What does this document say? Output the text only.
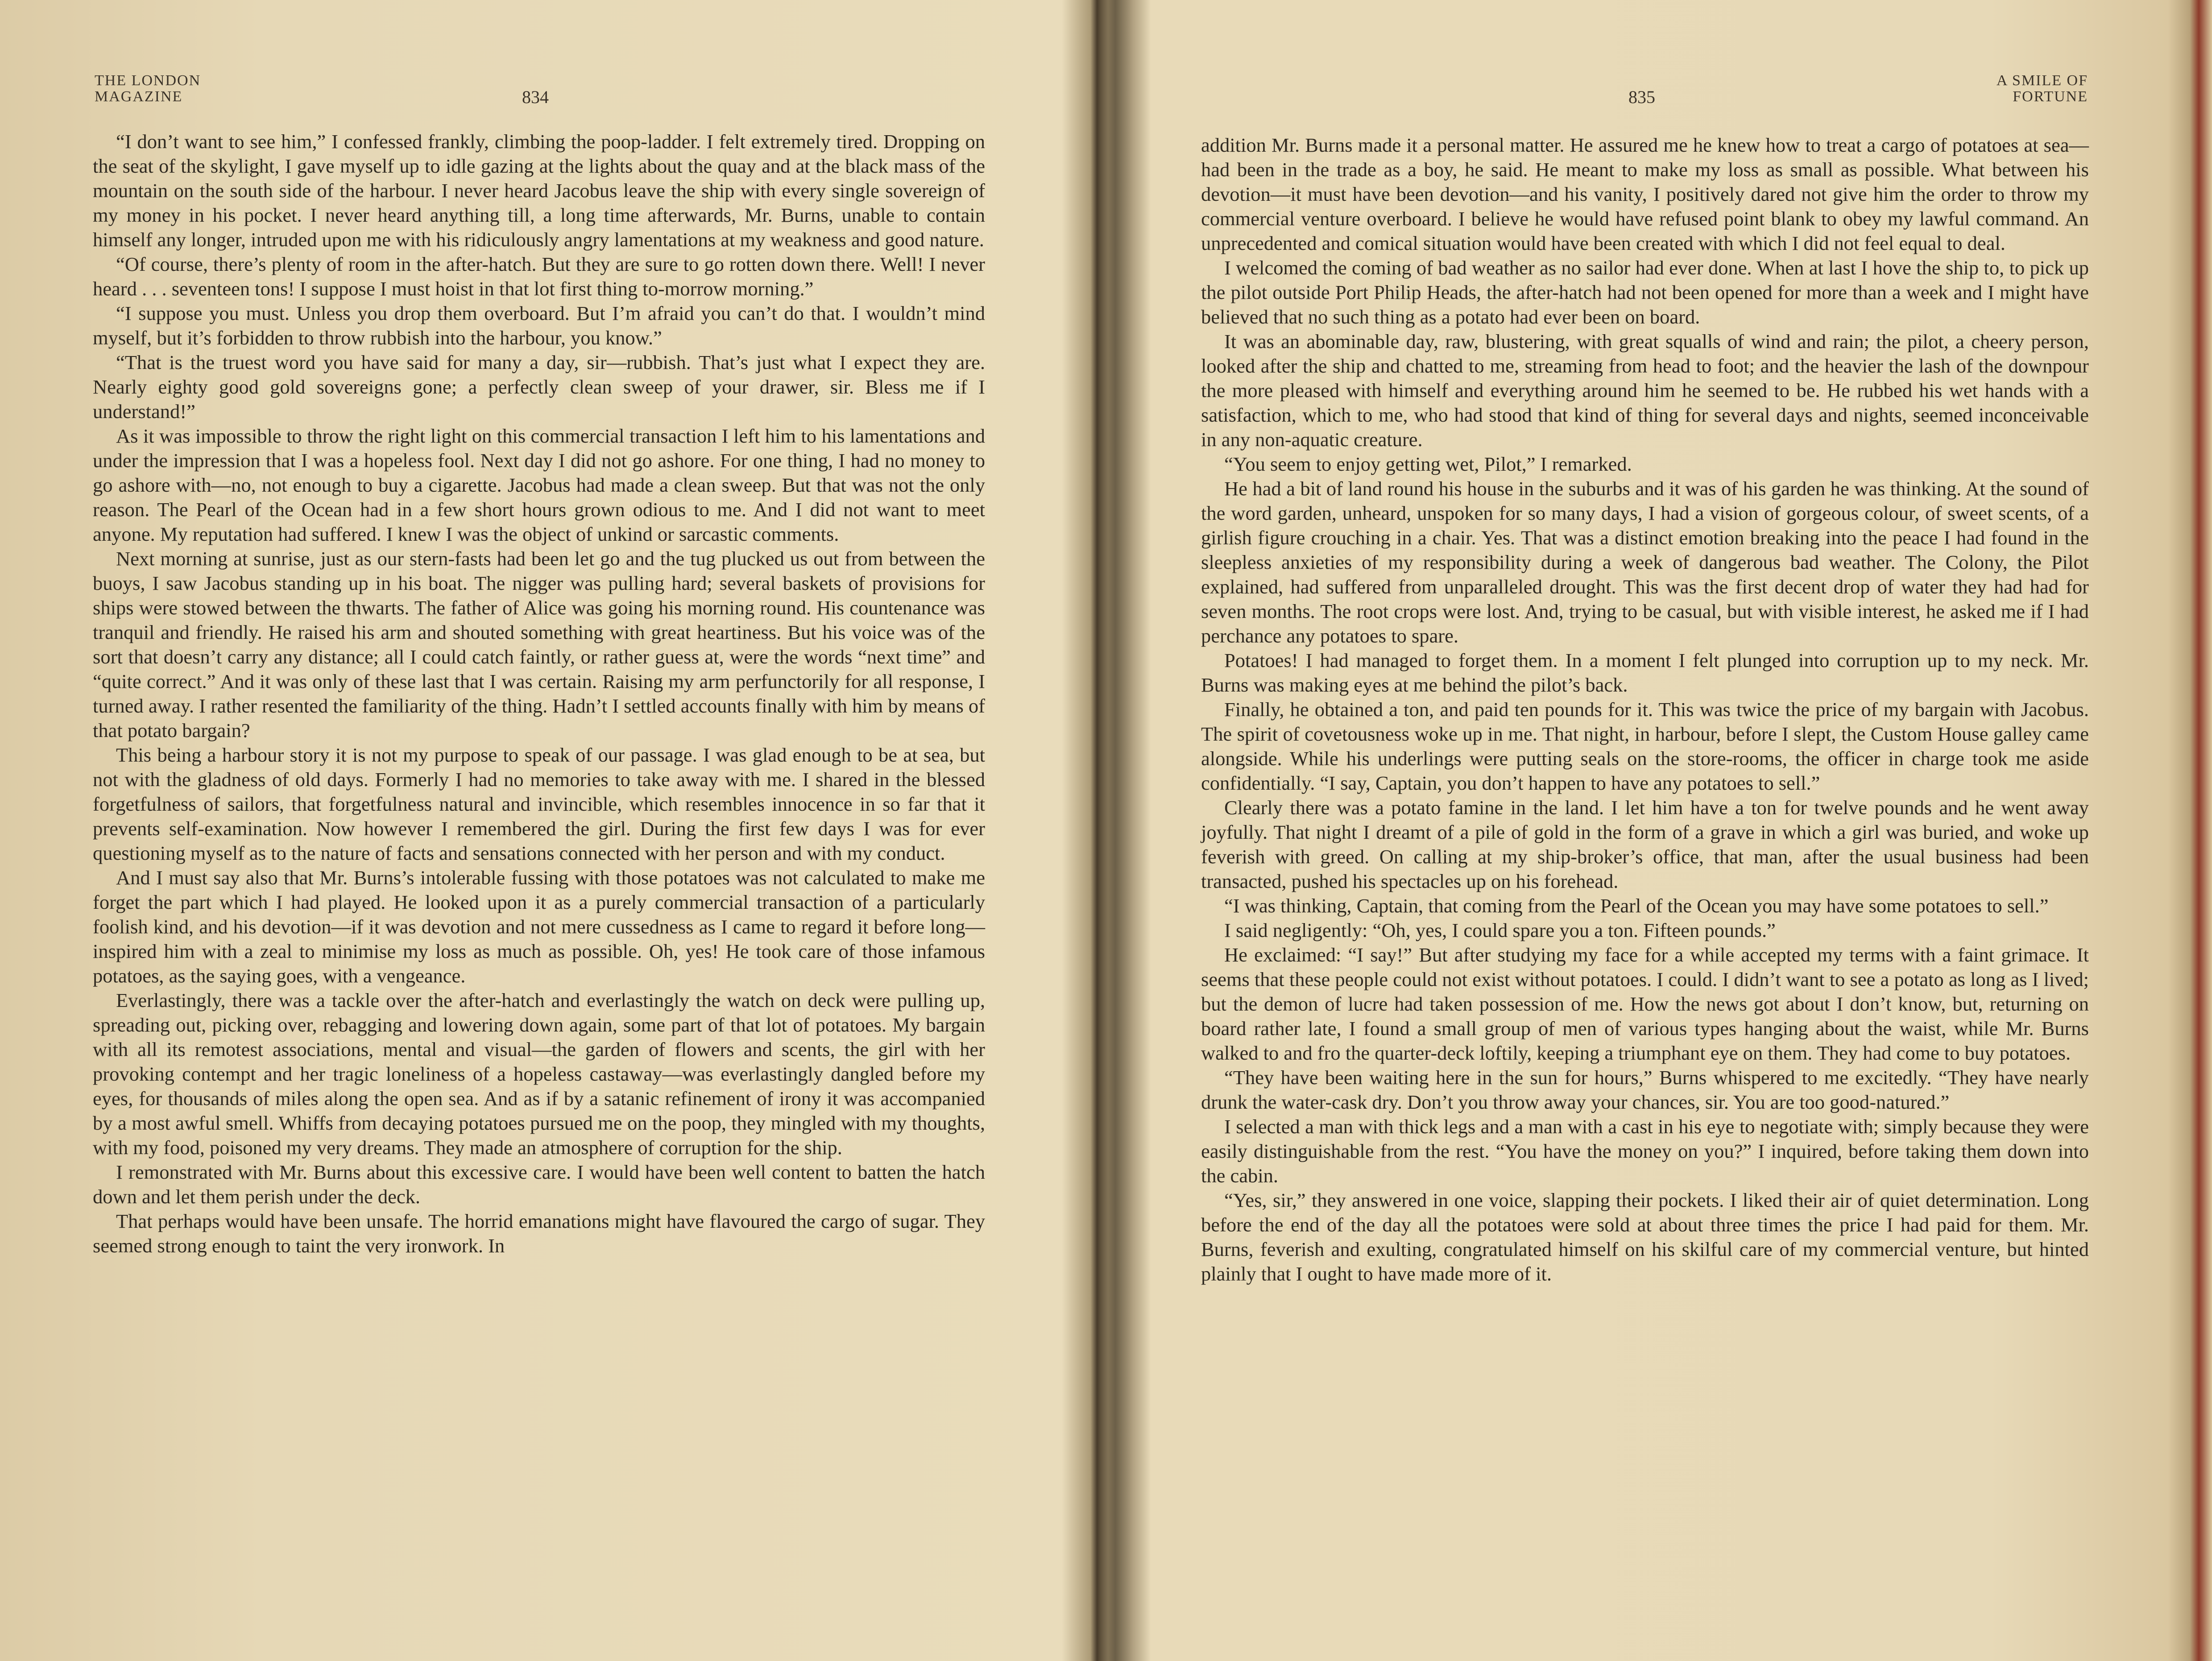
THE LONDON
MAGAZINE	834

“I don’t want to see him,” I confessed frankly, climbing the poop-ladder. I felt extremely tired. Dropping on the seat of the skylight, I gave myself up to idle gazing at the lights about the quay and at the black mass of the mountain on the south side of the harbour. I never heard Jacobus leave the ship with every single sovereign of my money in his pocket. I never heard anything till, a long time afterwards, Mr. Burns, unable to contain himself any longer, intruded upon me with his ridiculously angry lamentations at my weakness and good nature.

“Of course, there’s plenty of room in the after-hatch. But they are sure to go rotten down there. Well! I never heard . . . seventeen tons! I suppose I must hoist in that lot first thing to-morrow morning.”

“I suppose you must. Unless you drop them overboard. But I’m afraid you can’t do that. I wouldn’t mind myself, but it’s forbidden to throw rubbish into the harbour, you know.”

“That is the truest word you have said for many a day, sir—rubbish. That’s just what I expect they are. Nearly eighty good gold sovereigns gone; a perfectly clean sweep of your drawer, sir. Bless me if I understand!”

As it was impossible to throw the right light on this commercial transaction I left him to his lamentations and under the impression that I was a hopeless fool. Next day I did not go ashore. For one thing, I had no money to go ashore with—no, not enough to buy a cigarette. Jacobus had made a clean sweep. But that was not the only reason. The Pearl of the Ocean had in a few short hours grown odious to me. And I did not want to meet anyone. My reputation had suffered. I knew I was the object of unkind or sarcastic comments.

Next morning at sunrise, just as our stern-fasts had been let go and the tug plucked us out from between the buoys, I saw Jacobus standing up in his boat. The nigger was pulling hard; several baskets of provisions for ships were stowed between the thwarts. The father of Alice was going his morning round. His countenance was tranquil and friendly. He raised his arm and shouted something with great heartiness. But his voice was of the sort that doesn’t carry any distance; all I could catch faintly, or rather guess at, were the words “next time” and “quite correct.” And it was only of these last that I was certain. Raising my arm perfunctorily for all response, I turned away. I rather resented the familiarity of the thing. Hadn’t I settled accounts finally with him by means of that potato bargain?

This being a harbour story it is not my purpose to speak of our passage. I was glad enough to be at sea, but not with the gladness of old days. Formerly I had no memories to take away with me. I shared in the blessed forgetfulness of sailors, that forgetfulness natural and invincible, which resembles innocence in so far that it prevents self-examination. Now however I remembered the girl. During the first few days I was for ever questioning myself as to the nature of facts and sensations connected with her person and with my conduct.

And I must say also that Mr. Burns’s intolerable fussing with those potatoes was not calculated to make me forget the part which I had played. He looked upon it as a purely commercial transaction of a particularly foolish kind, and his devotion—if it was devotion and not mere cussedness as I came to regard it before long—inspired him with a zeal to minimise my loss as much as possible. Oh, yes! He took care of those infamous potatoes, as the saying goes, with a vengeance.

Everlastingly, there was a tackle over the after-hatch and everlastingly the watch on deck were pulling up, spreading out, picking over, rebagging and lowering down again, some part of that lot of potatoes. My bargain with all its remotest associations, mental and visual—the garden of flowers and scents, the girl with her provoking contempt and her tragic loneliness of a hopeless castaway—was everlastingly dangled before my eyes, for thousands of miles along the open sea. And as if by a satanic refinement of irony it was accompanied by a most awful smell. Whiffs from decaying potatoes pursued me on the poop, they mingled with my thoughts, with my food, poisoned my very dreams. They made an atmosphere of corruption for the ship.

I remonstrated with Mr. Burns about this excessive care. I would have been well content to batten the hatch down and let them perish under the deck.

That perhaps would have been unsafe. The horrid emanations might have flavoured the cargo of sugar. They seemed strong enough to taint the very ironwork. In

835
A SMILE OF
FORTUNE

addition Mr. Burns made it a personal matter. He assured me he knew how to treat a cargo of potatoes at sea—had been in the trade as a boy, he said. He meant to make my loss as small as possible. What between his devotion—it must have been devotion—and his vanity, I positively dared not give him the order to throw my commercial venture overboard. I believe he would have refused point blank to obey my lawful command. An unprecedented and comical situation would have been created with which I did not feel equal to deal.

I welcomed the coming of bad weather as no sailor had ever done. When at last I hove the ship to, to pick up the pilot outside Port Philip Heads, the after-hatch had not been opened for more than a week and I might have believed that no such thing as a potato had ever been on board.

It was an abominable day, raw, blustering, with great squalls of wind and rain; the pilot, a cheery person, looked after the ship and chatted to me, streaming from head to foot; and the heavier the lash of the downpour the more pleased with himself and everything around him he seemed to be. He rubbed his wet hands with a satisfaction, which to me, who had stood that kind of thing for several days and nights, seemed inconceivable in any non-aquatic creature.

“You seem to enjoy getting wet, Pilot,” I remarked.

He had a bit of land round his house in the suburbs and it was of his garden he was thinking. At the sound of the word garden, unheard, unspoken for so many days, I had a vision of gorgeous colour, of sweet scents, of a girlish figure crouching in a chair. Yes. That was a distinct emotion breaking into the peace I had found in the sleepless anxieties of my responsibility during a week of dangerous bad weather. The Colony, the Pilot explained, had suffered from unparalleled drought. This was the first decent drop of water they had had for seven months. The root crops were lost. And, trying to be casual, but with visible interest, he asked me if I had perchance any potatoes to spare.

Potatoes! I had managed to forget them. In a moment I felt plunged into corruption up to my neck. Mr. Burns was making eyes at me behind the pilot’s back.

Finally, he obtained a ton, and paid ten pounds for it. This was twice the price of my bargain with Jacobus. The spirit of covetousness woke up in me. That night, in harbour, before I slept, the Custom House galley came alongside. While his underlings were putting seals on the store-rooms, the officer in charge took me aside confidentially. “I say, Captain, you don’t happen to have any potatoes to sell.”

Clearly there was a potato famine in the land. I let him have a ton for twelve pounds and he went away joyfully. That night I dreamt of a pile of gold in the form of a grave in which a girl was buried, and woke up feverish with greed. On calling at my ship-broker’s office, that man, after the usual business had been transacted, pushed his spectacles up on his forehead.

“I was thinking, Captain, that coming from the Pearl of the Ocean you may have some potatoes to sell.”

I said negligently: “Oh, yes, I could spare you a ton. Fifteen pounds.”

He exclaimed: “I say!” But after studying my face for a while accepted my terms with a faint grimace. It seems that these people could not exist without potatoes. I could. I didn’t want to see a potato as long as I lived; but the demon of lucre had taken possession of me. How the news got about I don’t know, but, returning on board rather late, I found a small group of men of various types hanging about the waist, while Mr. Burns walked to and fro the quarter-deck loftily, keeping a triumphant eye on them. They had come to buy potatoes.

“They have been waiting here in the sun for hours,” Burns whispered to me excitedly. “They have nearly drunk the water-cask dry. Don’t you throw away your chances, sir. You are too good-natured.”

I selected a man with thick legs and a man with a cast in his eye to negotiate with; simply because they were easily distinguishable from the rest. “You have the money on you?” I inquired, before taking them down into the cabin.

“Yes, sir,” they answered in one voice, slapping their pockets. I liked their air of quiet determination. Long before the end of the day all the potatoes were sold at about three times the price I had paid for them. Mr. Burns, feverish and exulting, congratulated himself on his skilful care of my commercial venture, but hinted plainly that I ought to have made more of it.
